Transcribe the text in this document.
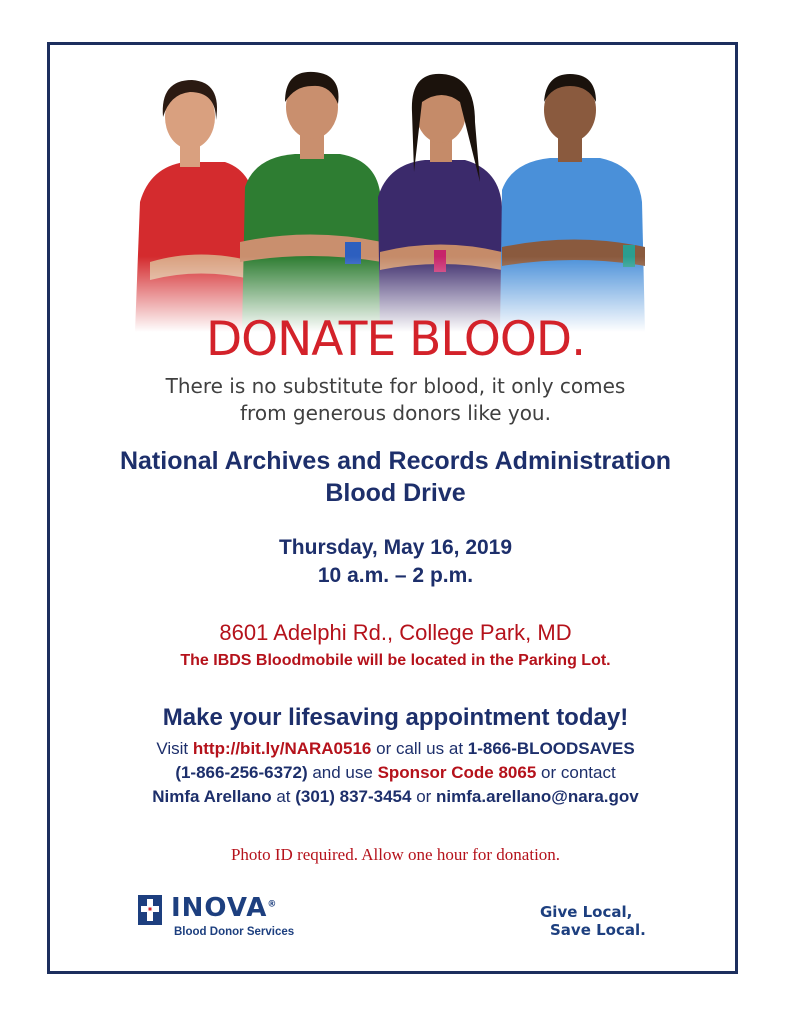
DONATE BLOOD.
There is no substitute for blood, it only comes
from generous donors like you.
National Archives and Records Administration
Blood Drive
Thursday, May 16, 2019
10 a.m. – 2 p.m.
8601 Adelphi Rd., College Park, MD
The IBDS Bloodmobile will be located in the Parking Lot.
Make your lifesaving appointment today!
Visit http://bit.ly/NARA0516 or call us at 1-866-BLOODSAVES
(1-866-256-6372) and use Sponsor Code 8065 or contact
Nimfa Arellano at (301) 837-3454 or nimfa.arellano@nara.gov
Photo ID required. Allow one hour for donation.
INOVA®
Blood Donor Services
Give Local,
Save Local.
